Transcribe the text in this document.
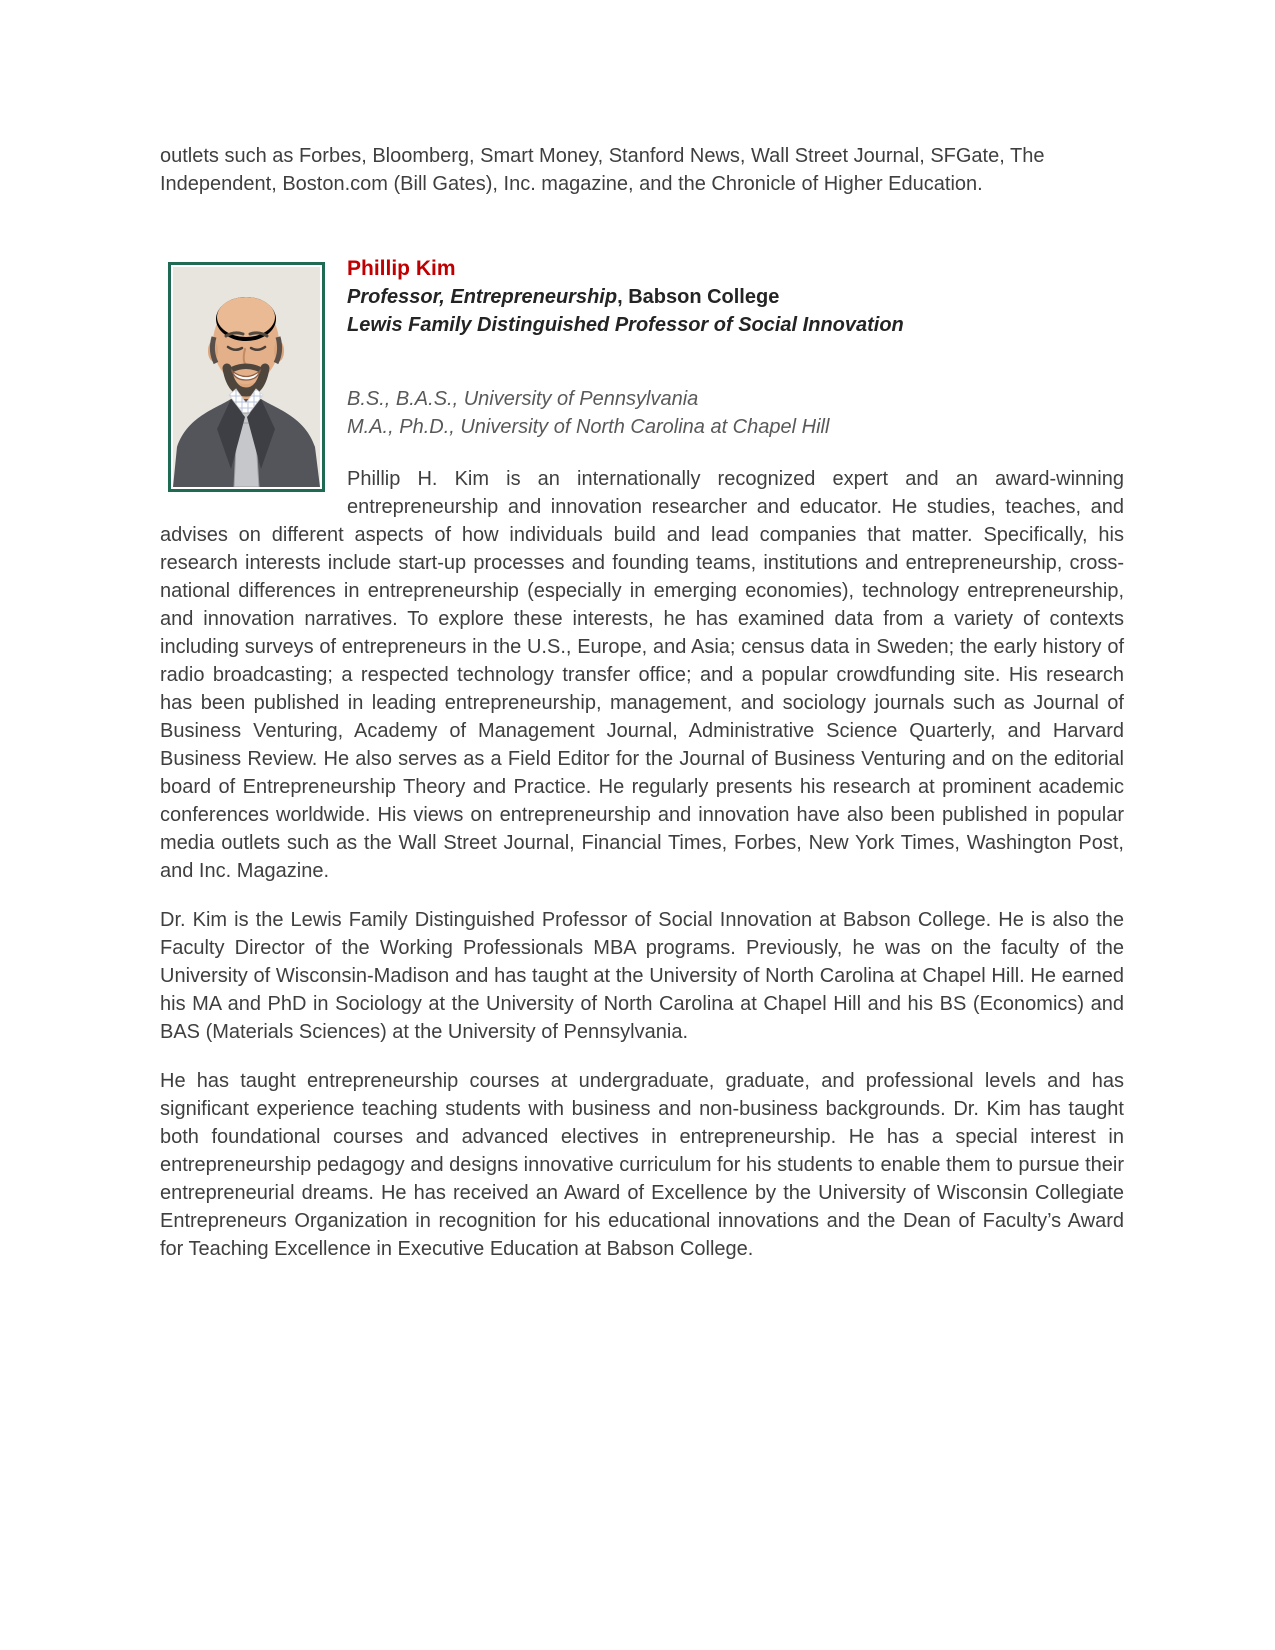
outlets such as Forbes, Bloomberg, Smart Money, Stanford News, Wall Street Journal, SFGate, The Independent, Boston.com (Bill Gates), Inc. magazine, and the Chronicle of Higher Education.

Phillip Kim

Professor, Entrepreneurship, Babson College

Lewis Family Distinguished Professor of Social Innovation

B.S., B.A.S., University of Pennsylvania

M.A., Ph.D., University of North Carolina at Chapel Hill

Phillip H. Kim is an internationally recognized expert and an award-winning entrepreneurship and innovation researcher and educator. He studies, teaches, and advises on different aspects of how individuals build and lead companies that matter. Specifically, his research interests include start-up processes and founding teams, institutions and entrepreneurship, cross-national differences in entrepreneurship (especially in emerging economies), technology entrepreneurship, and innovation narratives. To explore these interests, he has examined data from a variety of contexts including surveys of entrepreneurs in the U.S., Europe, and Asia; census data in Sweden; the early history of radio broadcasting; a respected technology transfer office; and a popular crowdfunding site. His research has been published in leading entrepreneurship, management, and sociology journals such as Journal of Business Venturing, Academy of Management Journal, Administrative Science Quarterly, and Harvard Business Review. He also serves as a Field Editor for the Journal of Business Venturing and on the editorial board of Entrepreneurship Theory and Practice. He regularly presents his research at prominent academic conferences worldwide. His views on entrepreneurship and innovation have also been published in popular media outlets such as the Wall Street Journal, Financial Times, Forbes, New York Times, Washington Post, and Inc. Magazine.

Dr. Kim is the Lewis Family Distinguished Professor of Social Innovation at Babson College. He is also the Faculty Director of the Working Professionals MBA programs. Previously, he was on the faculty of the University of Wisconsin-Madison and has taught at the University of North Carolina at Chapel Hill. He earned his MA and PhD in Sociology at the University of North Carolina at Chapel Hill and his BS (Economics) and BAS (Materials Sciences) at the University of Pennsylvania.

He has taught entrepreneurship courses at undergraduate, graduate, and professional levels and has significant experience teaching students with business and non-business backgrounds. Dr. Kim has taught both foundational courses and advanced electives in entrepreneurship. He has a special interest in entrepreneurship pedagogy and designs innovative curriculum for his students to enable them to pursue their entrepreneurial dreams. He has received an Award of Excellence by the University of Wisconsin Collegiate Entrepreneurs Organization in recognition for his educational innovations and the Dean of Faculty’s Award for Teaching Excellence in Executive Education at Babson College.
